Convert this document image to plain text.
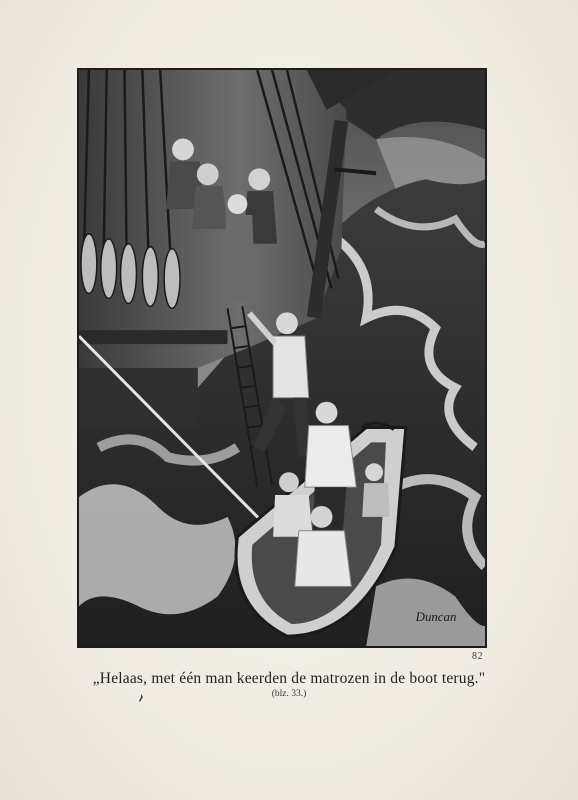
Duncan
82
„Helaas, met één man keerden de matrozen in de boot terug."
(blz. 33.)
